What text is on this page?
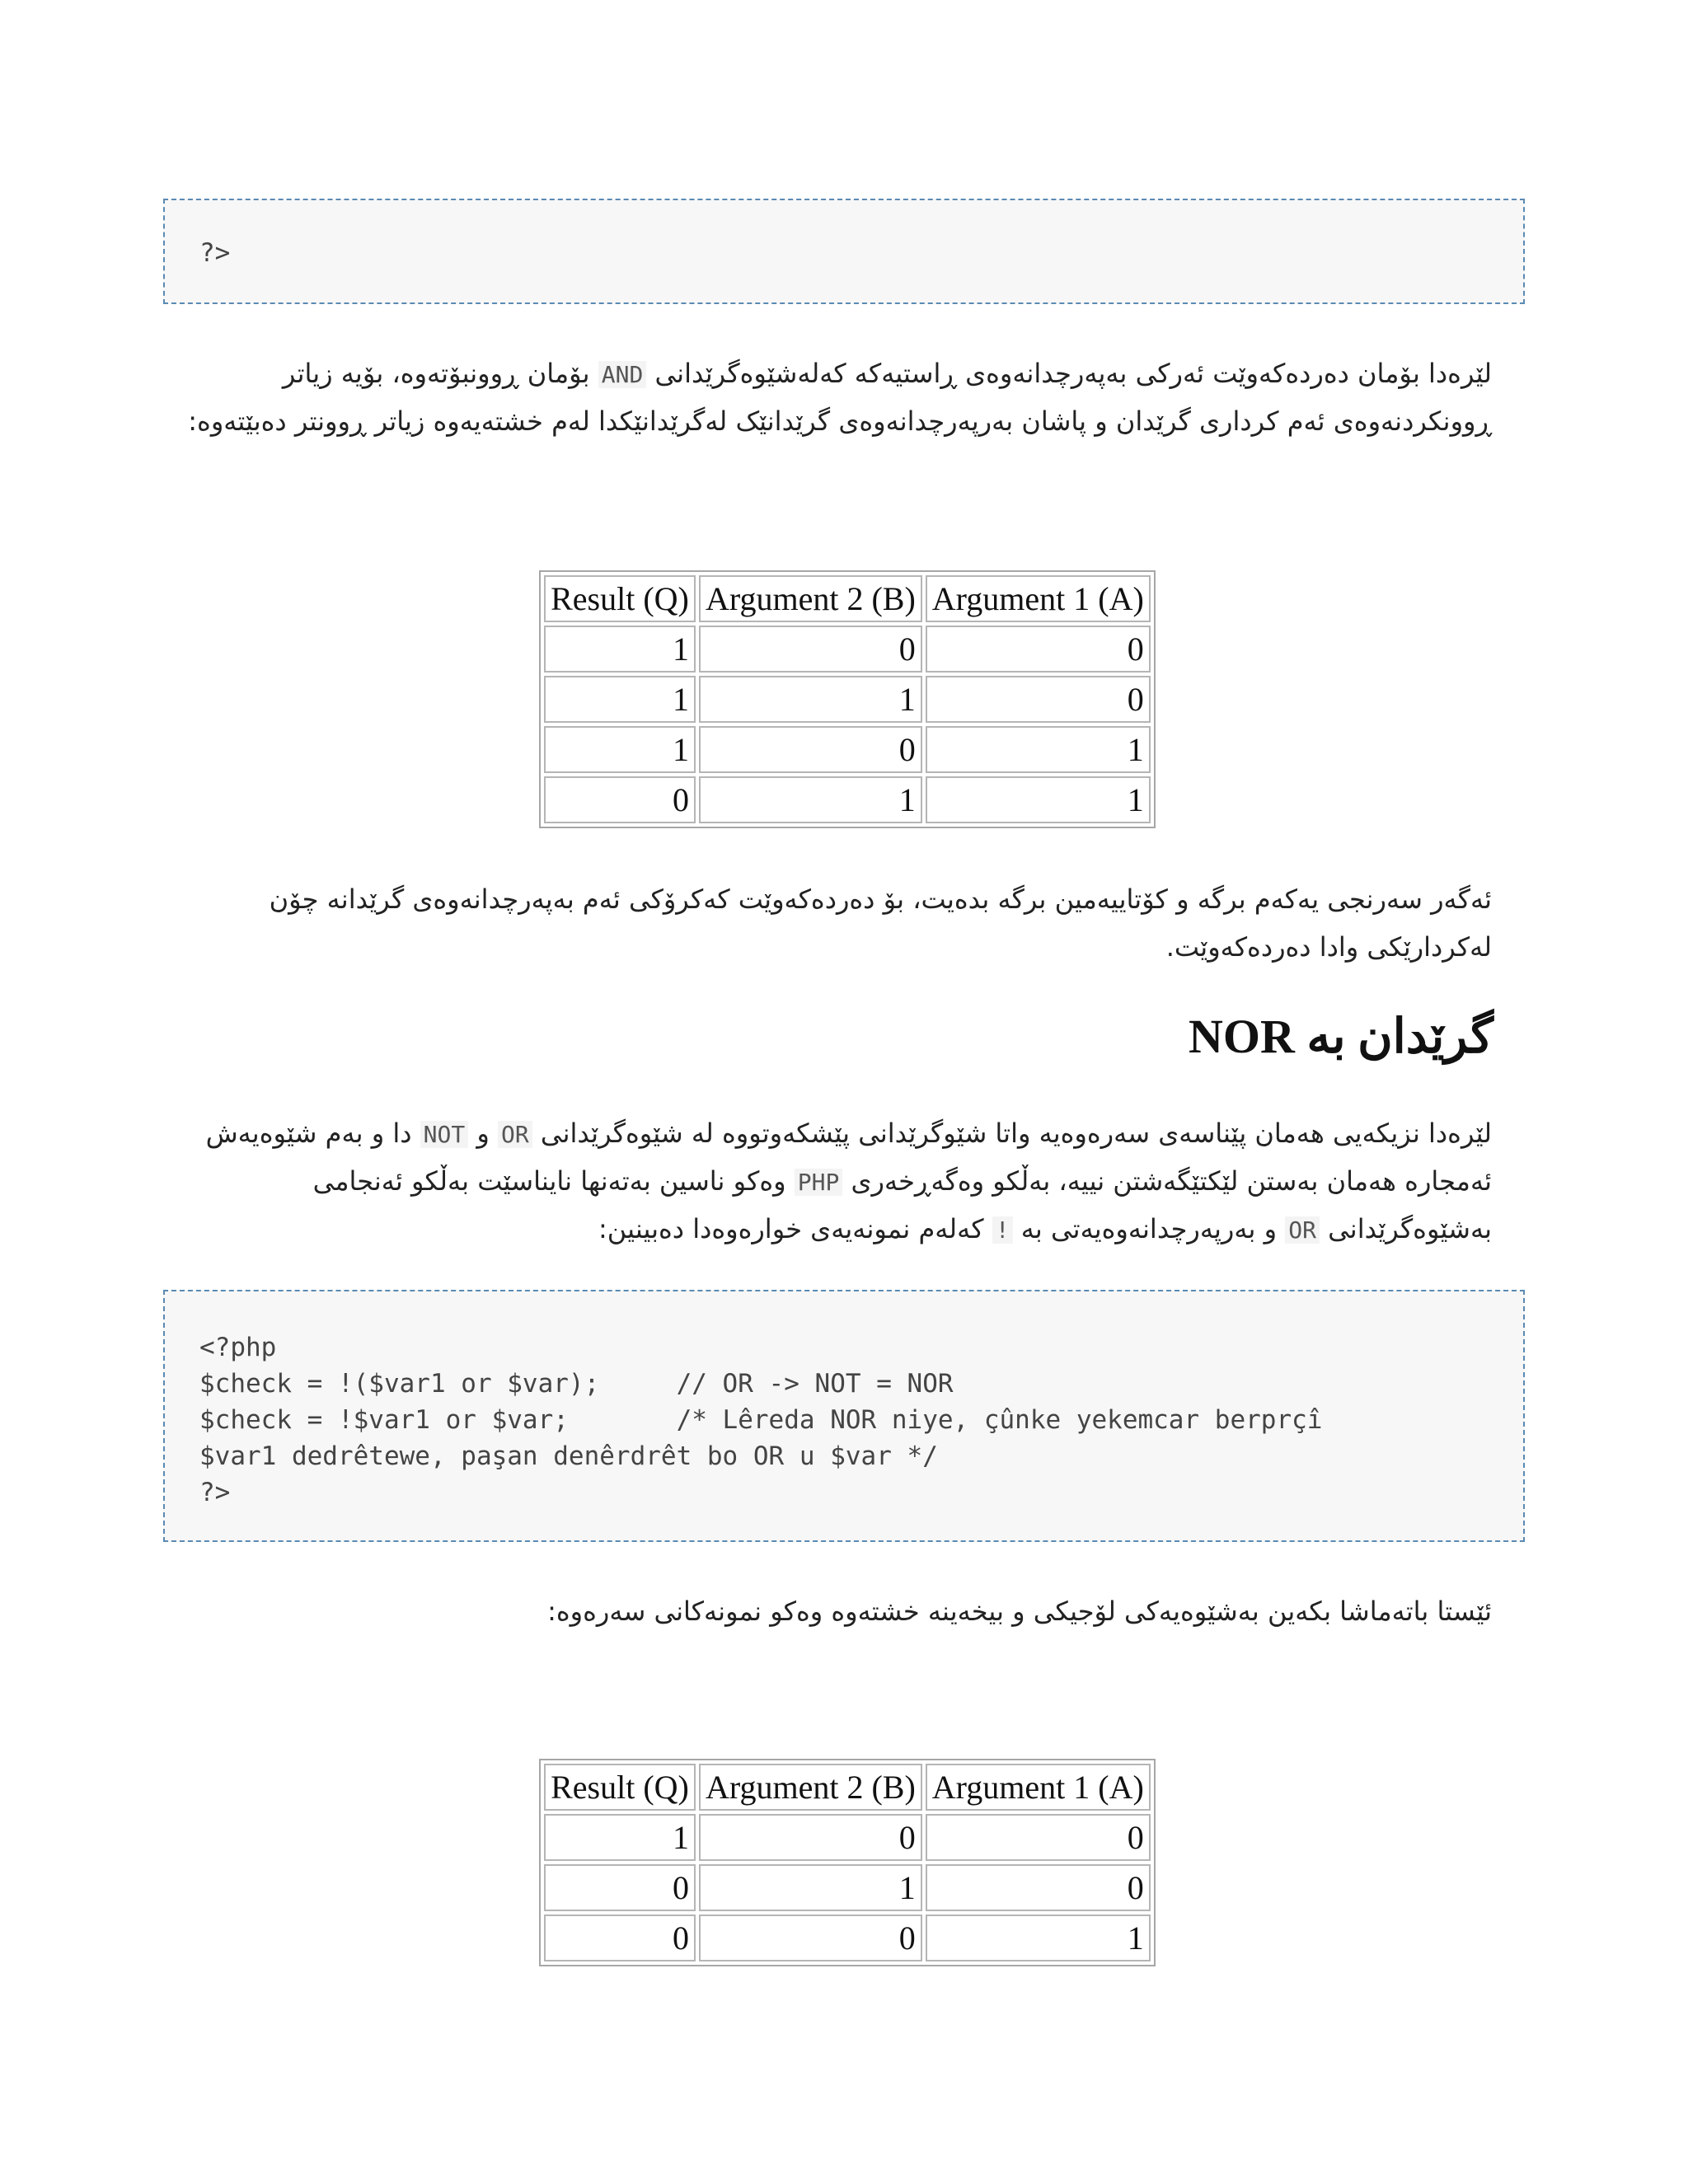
?>
لێرەدا بۆمان دەردەکەوێت ئەرکی بەپەرچدانەوەی ڕاستیەکە کەلەشێوەگرێدانی AND بۆمان ڕوونبۆتەوە، بۆیە زیاتر
ڕوونکردنەوەی ئەم کرداری گرێدان و پاشان بەرپەرچدانەوەی گرێدانێک لەگرێدانێکدا لەم خشتەیەوە زیاتر ڕوونتر دەبێتەوە:
Result (Q)	Argument 2 (B)	Argument 1 (A)
1	0	0
1	1	0
1	0	1
0	1	1
ئەگەر سەرنجی یەکەم برگە و کۆتاییەمین برگە بدەیت، بۆ دەردەکەوێت کەکرۆکی ئەم بەپەرچدانەوەی گرێدانە چۆن
لەکردارێکی وادا دەردەکەوێت.
گرێدان بە NOR
لێرەدا نزیکەیی هەمان پێناسەی سەرەوەیە واتا شێوگرێدانی پێشکەوتووە لە شێوەگرێدانی OR و NOT دا و بەم شێوەیەش
ئەمجارە هەمان بەستن لێکتێگەشتن نییە، بەڵکو وەگەڕخەری PHP وەکو ناسین بەتەنها نایناسێت بەڵکو ئەنجامی
بەشێوەگرێدانی OR و بەرپەرچدانەوەیەتی بە ! کەلەم نمونەیەی خوارەوەدا دەبینین:
<?php
$check = !($var1 or $var);     // OR -> NOT = NOR
$check = !$var1 or $var;       /* Lêreda NOR niye, çûnke yekemcar berprçî
$var1 dedrêtewe, paşan denêrdrêt bo OR u $var */
?>
ئێستا باتەماشا بکەین بەشێوەیەکی لۆجیکی و بیخەینە خشتەوە وەکو نمونەکانی سەرەوە:
Result (Q)	Argument 2 (B)	Argument 1 (A)
1	0	0
0	1	0
0	0	1
